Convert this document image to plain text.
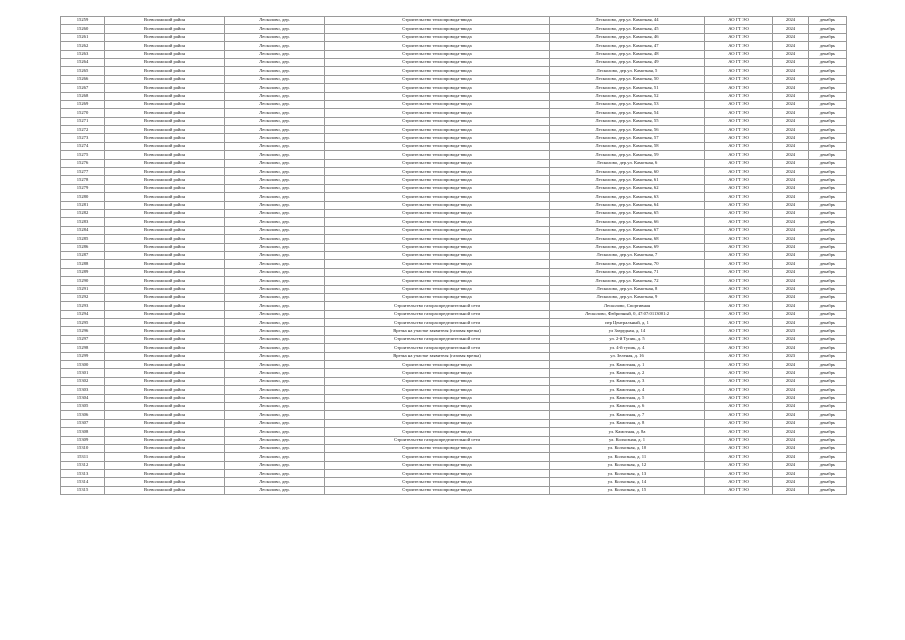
15259	Всеволожский район	Лесколово, дер.	Строительство теплопровода-ввода	Лесколово, дер.ул. Камотная, 44	АО ГТ ЭО	2024	декабрь
15260	Всеволожский район	Лесколово, дер.	Строительство теплопровода-ввода	Лесколово, дер.ул. Камотная, 45	АО ГТ ЭО	2024	декабрь
15261	Всеволожский район	Лесколово, дер.	Строительство теплопровода-ввода	Лесколово, дер.ул. Камотная, 46	АО ГТ ЭО	2024	декабрь
15262	Всеволожский район	Лесколово, дер.	Строительство теплопровода-ввода	Лесколово, дер.ул. Камотная, 47	АО ГТ ЭО	2024	декабрь
15263	Всеволожский район	Лесколово, дер.	Строительство теплопровода-ввода	Лесколово, дер.ул. Камотная, 48	АО ГТ ЭО	2024	декабрь
15264	Всеволожский район	Лесколово, дер.	Строительство теплопровода-ввода	Лесколово, дер.ул. Камотная, 49	АО ГТ ЭО	2024	декабрь
15265	Всеволожский район	Лесколово, дер.	Строительство теплопровода-ввода	Лесколово, дер.ул. Камотная, 5	АО ГТ ЭО	2024	декабрь
15266	Всеволожский район	Лесколово, дер.	Строительство теплопровода-ввода	Лесколово, дер.ул. Камотная, 50	АО ГТ ЭО	2024	декабрь
15267	Всеволожский район	Лесколово, дер.	Строительство теплопровода-ввода	Лесколово, дер.ул. Камотная, 51	АО ГТ ЭО	2024	декабрь
15268	Всеволожский район	Лесколово, дер.	Строительство теплопровода-ввода	Лесколово, дер.ул. Камотная, 52	АО ГТ ЭО	2024	декабрь
15269	Всеволожский район	Лесколово, дер.	Строительство теплопровода-ввода	Лесколово, дер.ул. Камотная, 53	АО ГТ ЭО	2024	декабрь
15270	Всеволожский район	Лесколово, дер.	Строительство теплопровода-ввода	Лесколово, дер.ул. Камотная, 54	АО ГТ ЭО	2024	декабрь
15271	Всеволожский район	Лесколово, дер.	Строительство теплопровода-ввода	Лесколово, дер.ул. Камотная, 55	АО ГТ ЭО	2024	декабрь
15272	Всеволожский район	Лесколово, дер.	Строительство теплопровода-ввода	Лесколово, дер.ул. Камотная, 56	АО ГТ ЭО	2024	декабрь
15273	Всеволожский район	Лесколово, дер.	Строительство теплопровода-ввода	Лесколово, дер.ул. Камотная, 57	АО ГТ ЭО	2024	декабрь
15274	Всеволожский район	Лесколово, дер.	Строительство теплопровода-ввода	Лесколово, дер.ул. Камотная, 58	АО ГТ ЭО	2024	декабрь
15275	Всеволожский район	Лесколово, дер.	Строительство теплопровода-ввода	Лесколово, дер.ул. Камотная, 59	АО ГТ ЭО	2024	декабрь
15276	Всеволожский район	Лесколово, дер.	Строительство теплопровода-ввода	Лесколово, дер.ул. Камотная, 6	АО ГТ ЭО	2024	декабрь
15277	Всеволожский район	Лесколово, дер.	Строительство теплопровода-ввода	Лесколово, дер.ул. Камотная, 60	АО ГТ ЭО	2024	декабрь
15278	Всеволожский район	Лесколово, дер.	Строительство теплопровода-ввода	Лесколово, дер.ул. Камотная, 61	АО ГТ ЭО	2024	декабрь
15279	Всеволожский район	Лесколово, дер.	Строительство теплопровода-ввода	Лесколово, дер.ул. Камотная, 62	АО ГТ ЭО	2024	декабрь
15280	Всеволожский район	Лесколово, дер.	Строительство теплопровода-ввода	Лесколово, дер.ул. Камотная, 63	АО ГТ ЭО	2024	декабрь
15281	Всеволожский район	Лесколово, дер.	Строительство теплопровода-ввода	Лесколово, дер.ул. Камотная, 64	АО ГТ ЭО	2024	декабрь
15282	Всеволожский район	Лесколово, дер.	Строительство теплопровода-ввода	Лесколово, дер.ул. Камотная, 65	АО ГТ ЭО	2024	декабрь
15283	Всеволожский район	Лесколово, дер.	Строительство теплопровода-ввода	Лесколово, дер.ул. Камотная, 66	АО ГТ ЭО	2024	декабрь
15284	Всеволожский район	Лесколово, дер.	Строительство теплопровода-ввода	Лесколово, дер.ул. Камотная, 67	АО ГТ ЭО	2024	декабрь
15285	Всеволожский район	Лесколово, дер.	Строительство теплопровода-ввода	Лесколово, дер.ул. Камотная, 68	АО ГТ ЭО	2024	декабрь
15286	Всеволожский район	Лесколово, дер.	Строительство теплопровода-ввода	Лесколово, дер.ул. Камотная, 69	АО ГТ ЭО	2024	декабрь
15287	Всеволожский район	Лесколово, дер.	Строительство теплопровода-ввода	Лесколово, дер.ул. Камотная, 7	АО ГТ ЭО	2024	декабрь
15288	Всеволожский район	Лесколово, дер.	Строительство теплопровода-ввода	Лесколово, дер.ул. Камотная, 70	АО ГТ ЭО	2024	декабрь
15289	Всеволожский район	Лесколово, дер.	Строительство теплопровода-ввода	Лесколово, дер.ул. Камотная, 71	АО ГТ ЭО	2024	декабрь
15290	Всеволожский район	Лесколово, дер.	Строительство теплопровода-ввода	Лесколово, дер.ул. Камотная, 72	АО ГТ ЭО	2024	декабрь
15291	Всеволожский район	Лесколово, дер.	Строительство теплопровода-ввода	Лесколово, дер.ул. Камотная, 8	АО ГТ ЭО	2024	декабрь
15292	Всеволожский район	Лесколово, дер.	Строительство теплопровода-ввода	Лесколово, дер.ул. Камотная, 9	АО ГТ ЭО	2024	декабрь
15293	Всеволожский район	Лесколово, дер.	Строительство газораспределительной сети	Лесколово, Спортивная	АО ГТ ЭО	2024	декабрь
15294	Всеволожский район	Лесколово, дер.	Строительство газораспределительной сети	Лесколово, Фабричный, 0, 47:07:0113001:2	АО ГТ ЭО	2024	декабрь
15295	Всеволожский район	Лесколово, дер.	Строительство газораспределительной сети	пер Центральный, д. 1	АО ГТ ЭО	2024	декабрь
15296	Всеволожский район	Лесколово, дер.	Врезка на участке заявителя (газовая врезка)	ул Зазрудная, д. 14	АО ГТ ЭО	2023	декабрь
15297	Всеволожский район	Лесколово, дер.	Строительство газораспределительной сети	ул. 2-й Тупик, д. 5	АО ГТ ЭО	2024	декабрь
15298	Всеволожский район	Лесколово, дер.	Строительство газораспределительной сети	ул. 4-й тупик, д. 4	АО ГТ ЭО	2024	декабрь
15299	Всеволожский район	Лесколово, дер.	Врезка на участке заявителя (газовая врезка)	ул. Зеленая, д. 16	АО ГТ ЭО	2023	декабрь
15300	Всеволожский район	Лесколово, дер.	Строительство теплопровода-ввода	ул. Камотная, д. 1	АО ГТ ЭО	2024	декабрь
15301	Всеволожский район	Лесколово, дер.	Строительство теплопровода-ввода	ул. Камотная, д. 2	АО ГТ ЭО	2024	декабрь
15302	Всеволожский район	Лесколово, дер.	Строительство теплопровода-ввода	ул. Камотная, д. 3	АО ГТ ЭО	2024	декабрь
15303	Всеволожский район	Лесколово, дер.	Строительство теплопровода-ввода	ул. Камотная, д. 4	АО ГТ ЭО	2024	декабрь
15304	Всеволожский район	Лесколово, дер.	Строительство теплопровода-ввода	ул. Камотная, д. 5	АО ГТ ЭО	2024	декабрь
15305	Всеволожский район	Лесколово, дер.	Строительство теплопровода-ввода	ул. Камотная, д. 6	АО ГТ ЭО	2024	декабрь
15306	Всеволожский район	Лесколово, дер.	Строительство теплопровода-ввода	ул. Камотная, д. 7	АО ГТ ЭО	2024	декабрь
15307	Всеволожский район	Лесколово, дер.	Строительство теплопровода-ввода	ул. Камотная, д. 8	АО ГТ ЭО	2024	декабрь
15308	Всеволожский район	Лесколово, дер.	Строительство теплопровода-ввода	ул. Камотная, д. 8а	АО ГТ ЭО	2024	декабрь
15309	Всеволожский район	Лесколово, дер.	Строительство газораспределительной сети	ул. Колхозная, д. 1	АО ГТ ЭО	2024	декабрь
15310	Всеволожский район	Лесколово, дер.	Строительство теплопровода-ввода	ул. Колхозная, д. 10	АО ГТ ЭО	2024	декабрь
15311	Всеволожский район	Лесколово, дер.	Строительство теплопровода-ввода	ул. Колхозная, д. 11	АО ГТ ЭО	2024	декабрь
15312	Всеволожский район	Лесколово, дер.	Строительство теплопровода-ввода	ул. Колхозная, д. 12	АО ГТ ЭО	2024	декабрь
15313	Всеволожский район	Лесколово, дер.	Строительство теплопровода-ввода	ул. Колхозная, д. 13	АО ГТ ЭО	2024	декабрь
15314	Всеволожский район	Лесколово, дер.	Строительство теплопровода-ввода	ул. Колхозная, д. 14	АО ГТ ЭО	2024	декабрь
15315	Всеволожский район	Лесколово, дер.	Строительство теплопровода-ввода	ул. Колхозная, д. 15	АО ГТ ЭО	2024	декабрь
